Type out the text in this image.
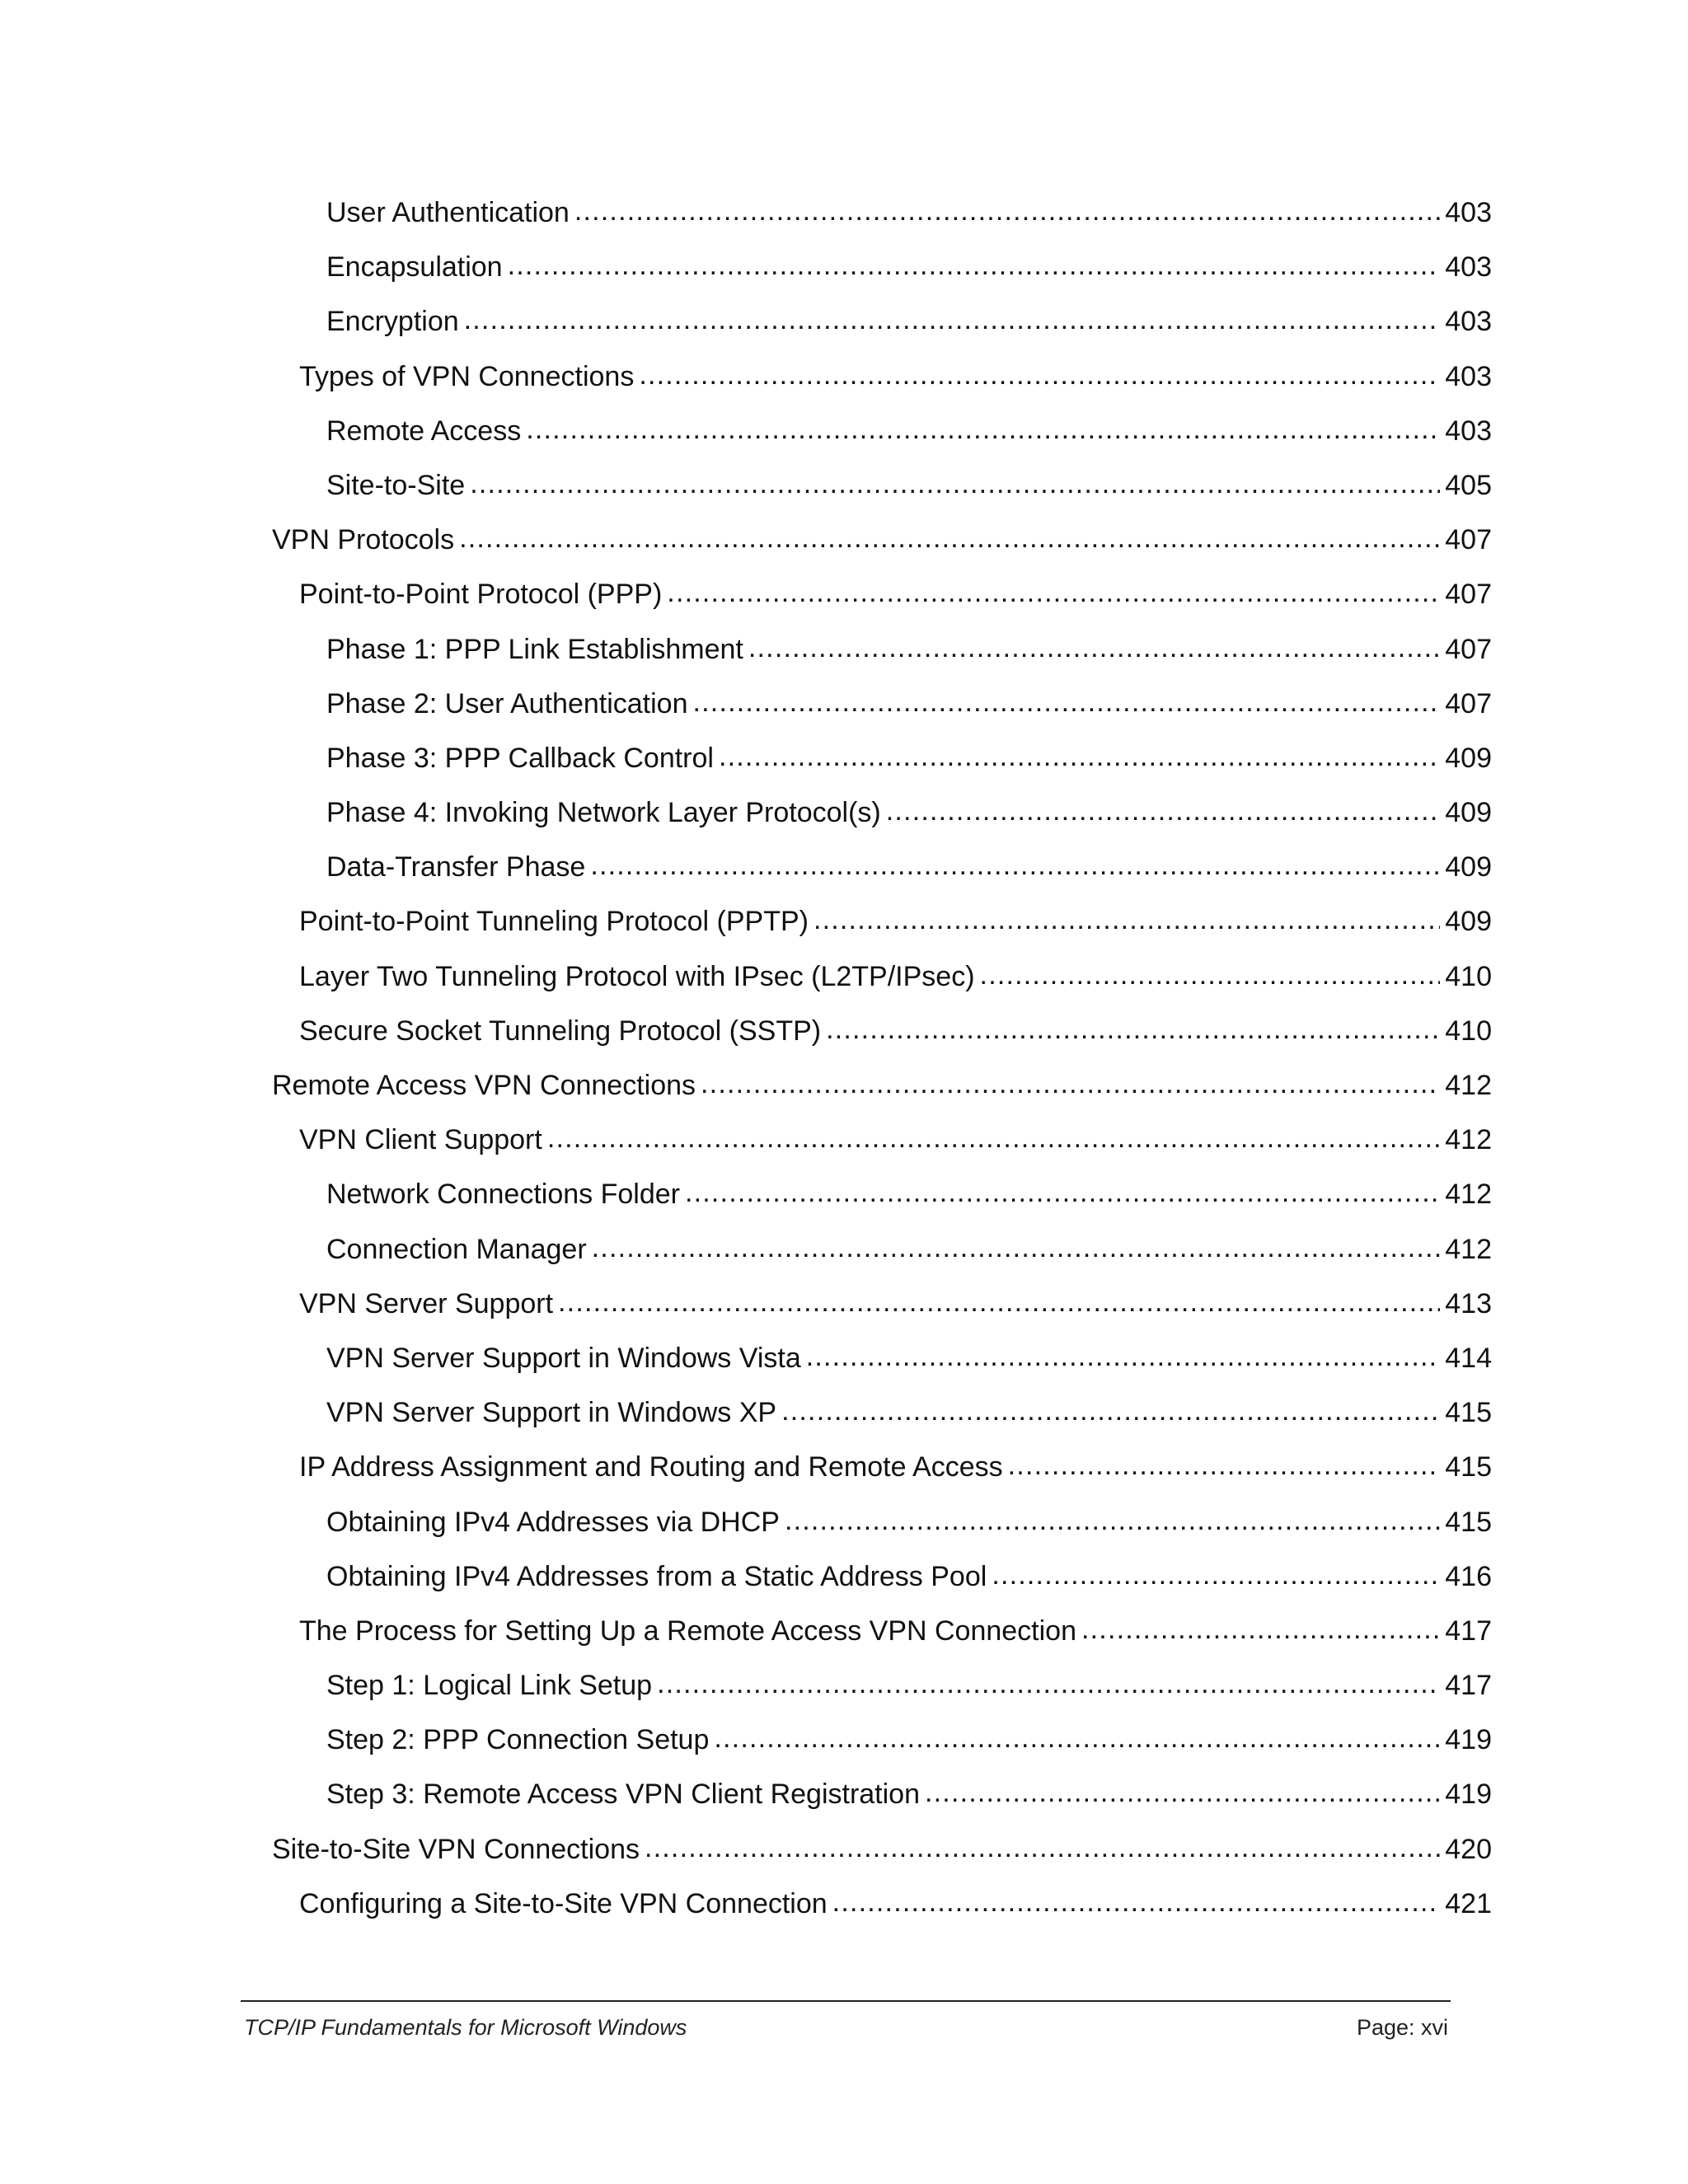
User Authentication .....	403
Encapsulation .....	403
Encryption .....	403
Types of VPN Connections .....	403
Remote Access .....	403
Site-to-Site .....	405
VPN Protocols .....	407
Point-to-Point Protocol (PPP) .....	407
Phase 1: PPP Link Establishment .....	407
Phase 2: User Authentication .....	407
Phase 3: PPP Callback Control .....	409
Phase 4: Invoking Network Layer Protocol(s) .....	409
Data-Transfer Phase .....	409
Point-to-Point Tunneling Protocol (PPTP) .....	409
Layer Two Tunneling Protocol with IPsec (L2TP/IPsec) .....	410
Secure Socket Tunneling Protocol (SSTP) .....	410
Remote Access VPN Connections .....	412
VPN Client Support .....	412
Network Connections Folder .....	412
Connection Manager .....	412
VPN Server Support .....	413
VPN Server Support in Windows Vista .....	414
VPN Server Support in Windows XP .....	415
IP Address Assignment and Routing and Remote Access .....	415
Obtaining IPv4 Addresses via DHCP .....	415
Obtaining IPv4 Addresses from a Static Address Pool .....	416
The Process for Setting Up a Remote Access VPN Connection .....	417
Step 1: Logical Link Setup .....	417
Step 2: PPP Connection Setup .....	419
Step 3: Remote Access VPN Client Registration .....	419
Site-to-Site VPN Connections .....	420
Configuring a Site-to-Site VPN Connection .....	421
TCP/IP Fundamentals for Microsoft Windows	Page: xvi
